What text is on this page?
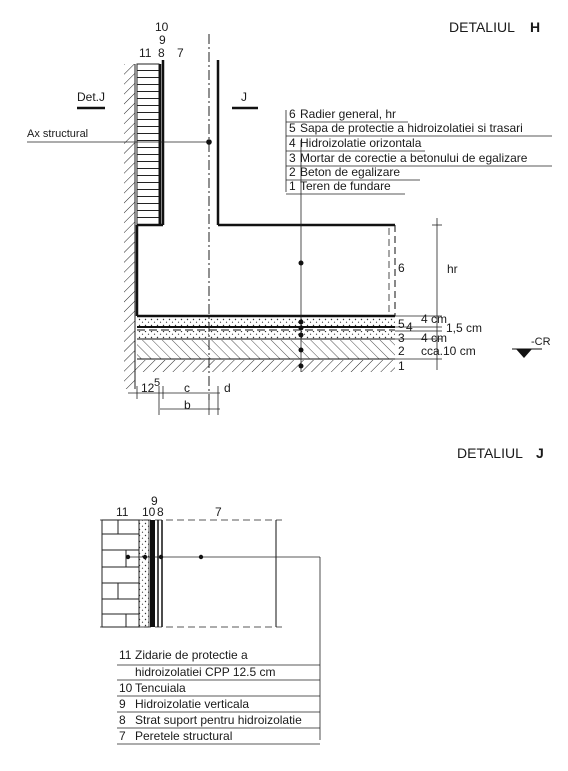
DETALIUL H
10
9
11 8 7
Det.J	J
Ax structural
6 Radier general, hr
5 Sapa de protectie a hidroizolatiei si trasari
4 Hidroizolatie orizontala
3 Mortar de corectie a betonului de egalizare
2 Beton de egalizare
1 Teren de fundare
6	hr
4 cm
5 4	1,5 cm
3 4 cm
2 cca.10 cm
1
-CR
12 5 c	d
b
DETALIUL J
9
11 10 8	7
11 Zidarie de protectie a
hidroizolatiei CPP 12.5 cm
10 Tencuiala
9 Hidroizolatie verticala
8 Strat suport pentru hidroizolatie
7 Peretele structural
